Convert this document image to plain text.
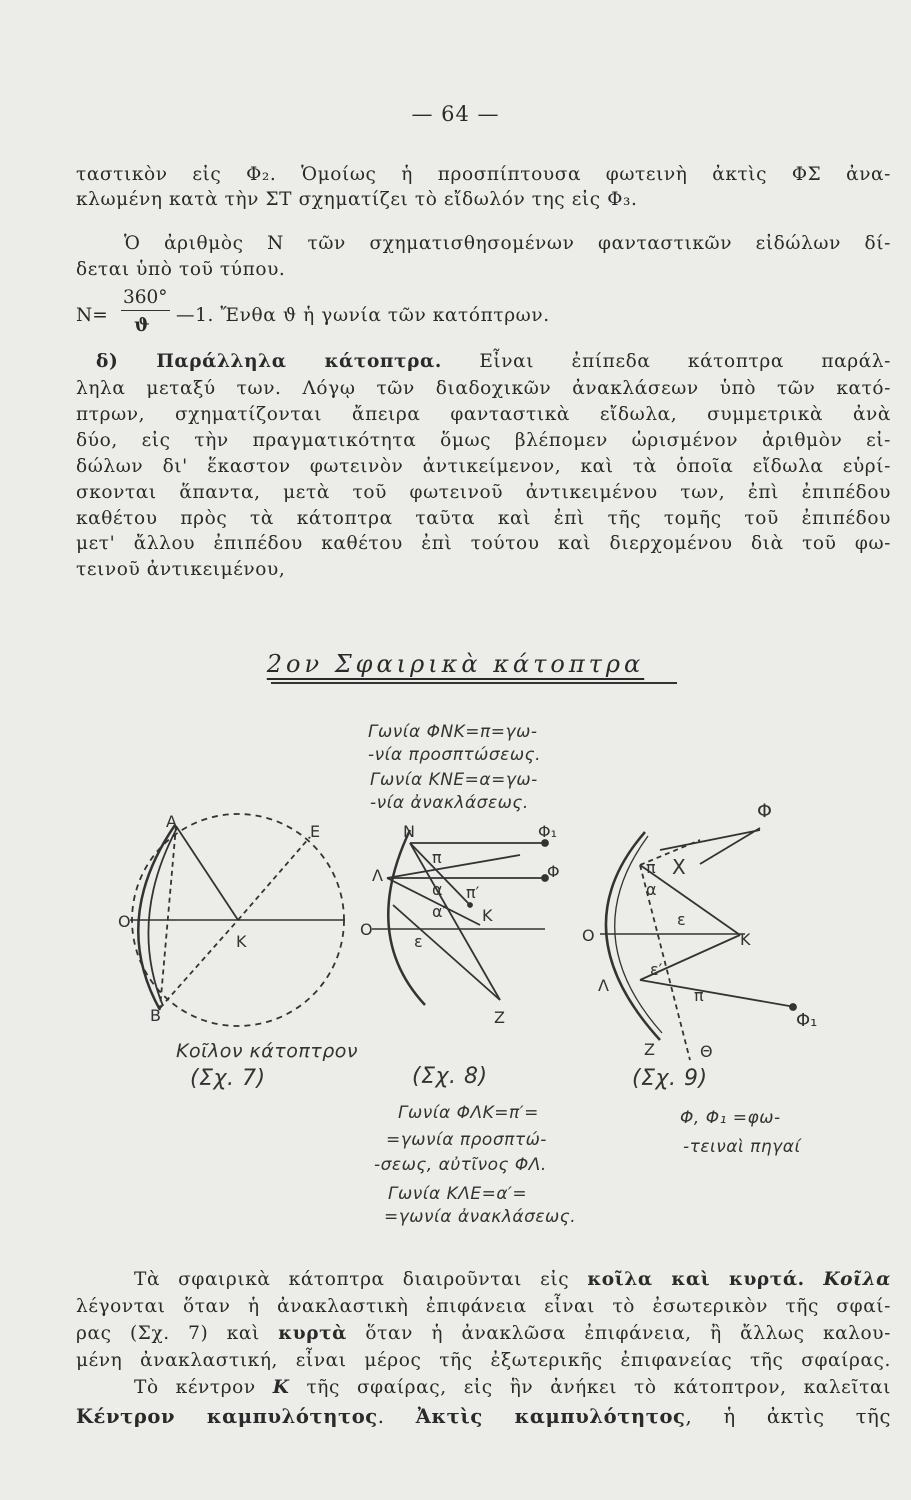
— 64 —
ταστικὸν εἰς Φ₂. Ὁμοίως ἡ προσπίπτουσα φωτεινὴ ἀκτὶς ΦΣ ἀνα-
κλωμένη κατὰ τὴν ΣΤ σχηματίζει τὸ εἴδωλόν της εἰς Φ₃.
Ὁ ἀριθμὸς Ν τῶν σχηματισθησομένων φανταστικῶν εἰδώλων δί-
δεται ὑπὸ τοῦ τύπου.
N=
360°
ϑ —1. Ἔνθα ϑ ἡ γωνία τῶν κατόπτρων.
δ) Παράλληλα κάτοπτρα. Εἶναι ἐπίπεδα κάτοπτρα παράλ-
ληλα μεταξύ των. Λόγῳ τῶν διαδοχικῶν ἀνακλάσεων ὑπὸ τῶν κατό-
πτρων, σχηματίζονται ἄπειρα φανταστικὰ εἴδωλα, συμμετρικὰ ἀνὰ
δύο, εἰς τὴν πραγματικότητα ὅμως βλέπομεν ὡρισμένον ἀριθμὸν εἰ-
δώλων δι' ἕκαστον φωτεινὸν ἀντικείμενον, καὶ τὰ ὁποῖα εἴδωλα εὑρί-
σκονται ἅπαντα, μετὰ τοῦ φωτεινοῦ ἀντικειμένου των, ἐπὶ ἐπιπέδου
καθέτου πρὸς τὰ κάτοπτρα ταῦτα καὶ ἐπὶ τῆς τομῆς τοῦ ἐπιπέδου
μετ' ἄλλου ἐπιπέδου καθέτου ἐπὶ τούτου καὶ διερχομένου διὰ τοῦ φω-
τεινοῦ ἀντικειμένου,
2ον Σφαιρικὰ κάτοπτρα
Α
Ε
Ο
Κ
Β
Κοῖλον κάτοπτρον
(Σχ. 7)
Γωνία ΦΝΚ=π=γω-
-νία προσπτώσεως.
Γωνία ΚΝΕ=α=γω-
-νία ἀνακλάσεως.
Ν	Φ₁
π
Λ	Φ
α π′
α′ Κ
Ο
ε
Ζ
(Σχ. 8)
Γωνία ΦΛΚ=π′=
=γωνία προσπτώ-
-σεως, αὐτῖνος ΦΛ.
Γωνία ΚΛΕ=α′=
=γωνία ἀνακλάσεως.
Φ
π Χ
α
ε
Ο	Κ
ε′
Λ
π
Φ₁
Ζ	Θ
(Σχ. 9)
Φ, Φ₁ =φω-
-τειναὶ πηγαί
Τὰ σφαιρικὰ κάτοπτρα διαιροῦνται εἰς κοῖλα καὶ κυρτά. Κοῖλα
λέγονται ὅταν ἡ ἀνακλαστικὴ ἐπιφάνεια εἶναι τὸ ἐσωτερικὸν τῆς σφαί-
ρας (Σχ. 7) καὶ κυρτὰ ὅταν ἡ ἀνακλῶσα ἐπιφάνεια, ἢ ἄλλως καλου-
μένη ἀνακλαστική, εἶναι μέρος τῆς ἐξωτερικῆς ἐπιφανείας τῆς σφαίρας.
Τὸ κέντρον Κ τῆς σφαίρας, εἰς ἣν ἀνήκει τὸ κάτοπτρον, καλεῖται
Κέντρον καμπυλότητος. Ἀκτὶς καμπυλότητος, ἡ ἀκτὶς τῆς
